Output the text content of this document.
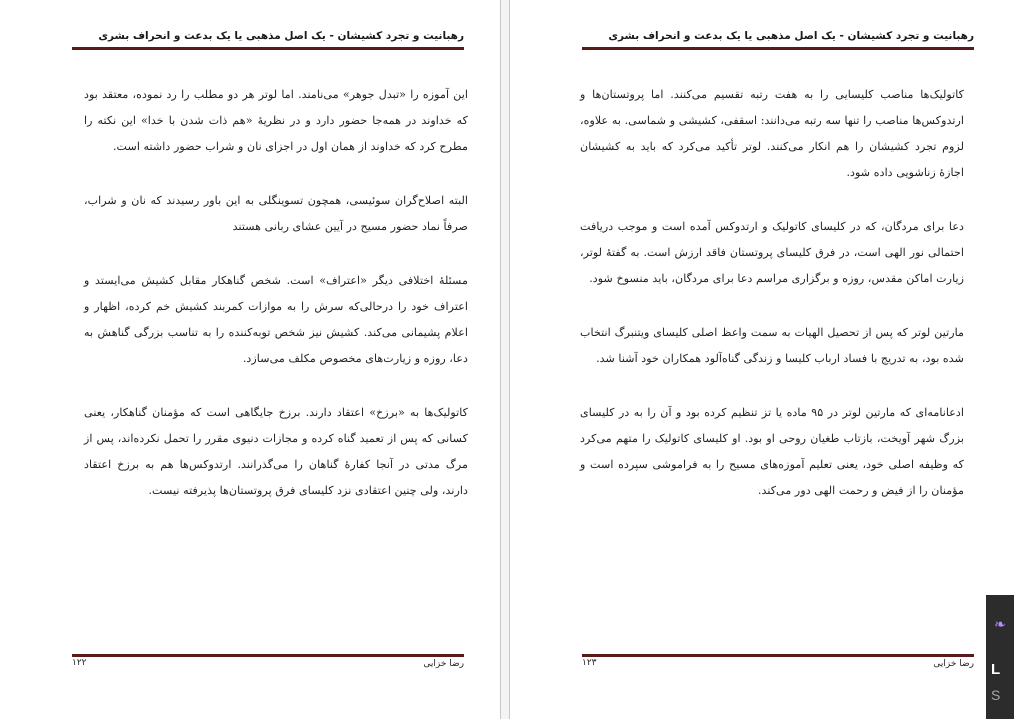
رهبانیت و تجرد کشیشان - یک اصل مذهبی یا یک بدعت و انحراف بشری

این آموزه را «تبدل جوهر» می‌نامند. اما لوتر هر دو مطلب را رد نموده، معتقد بود که خداوند در همه‌جا حضور دارد و در نظریهٔ «هم ذات شدن با خدا» این نکته را مطرح کرد که خداوند از همان اول در اجزای نان و شراب حضور داشته است.

البته اصلاح‌گران سوئیسی، همچون تسوینگلی به این باور رسیدند که نان و شراب، صرفاً نماد حضور مسیح در آیین عشای ربانی هستند

مسئلهٔ اختلافی دیگر «اعتراف» است. شخص گناهکار مقابل کشیش می‌ایستد و اعتراف خود را درحالی‌که سرش را به موازات کمربند کشیش خم کرده، اظهار و اعلام پشیمانی می‌کند. کشیش نیز شخص توبه‌کننده را به تناسب بزرگی گناهش به دعا، روزه و زیارت‌های مخصوص مکلف می‌سازد.

کاتولیک‌ها به «برزخ» اعتقاد دارند. برزخ جایگاهی است که مؤمنان گناهکار، یعنی کسانی که پس از تعمید گناه کرده و مجازات دنیوی مقرر را تحمل نکرده‌اند، پس از مرگ مدتی در آنجا کفارهٔ گناهان را می‌گذرانند. ارتدوکس‌ها هم به برزخ اعتقاد دارند، ولی چنین اعتقادی نزد کلیسای فرق پروتستان‌ها پذیرفته نیست.

رضا خزایی
۱۲۲
رهبانیت و تجرد کشیشان - یک اصل مذهبی یا یک بدعت و انحراف بشری

کاتولیک‌ها مناصب کلیسایی را به هفت رتبه تقسیم می‌کنند. اما پروتستان‌ها و ارتدوکس‌ها مناصب را تنها سه رتبه می‌دانند: اسقفی، کشیشی و شماسی. به علاوه، لزوم تجرد کشیشان را هم انکار می‌کنند. لوتر تأکید می‌کرد که باید به کشیشان اجازهٔ زناشویی داده شود.

دعا برای مردگان، که در کلیسای کاتولیک و ارتدوکس آمده است و موجب دریافت احتمالی نور الهی است، در فرق کلیسای پروتستان فاقد ارزش است. به گفتهٔ لوتر، زیارت اماکن مقدس، روزه و برگزاری مراسم دعا برای مردگان، باید منسوخ شود.

مارتین لوتر که پس از تحصیل الهیات به سمت واعظ اصلی کلیسای ویتنبرگ انتخاب شده بود، به تدریج با فساد ارباب کلیسا و زندگی گناه‌آلود همکاران خود آشنا شد.

ادعانامه‌ای که مارتین لوتر در ۹۵ ماده یا تز تنظیم کرده بود و آن را به در کلیسای بزرگ شهر آویخت، بازتاب طغیان روحی او بود. او کلیسای کاتولیک را متهم می‌کرد که وظیفه اصلی خود، یعنی تعلیم آموزه‌های مسیح را به فراموشی سپرده است و مؤمنان را از فیض و رحمت الهی دور می‌کند.

رضا خزایی
۱۲۳
❧
L
S
